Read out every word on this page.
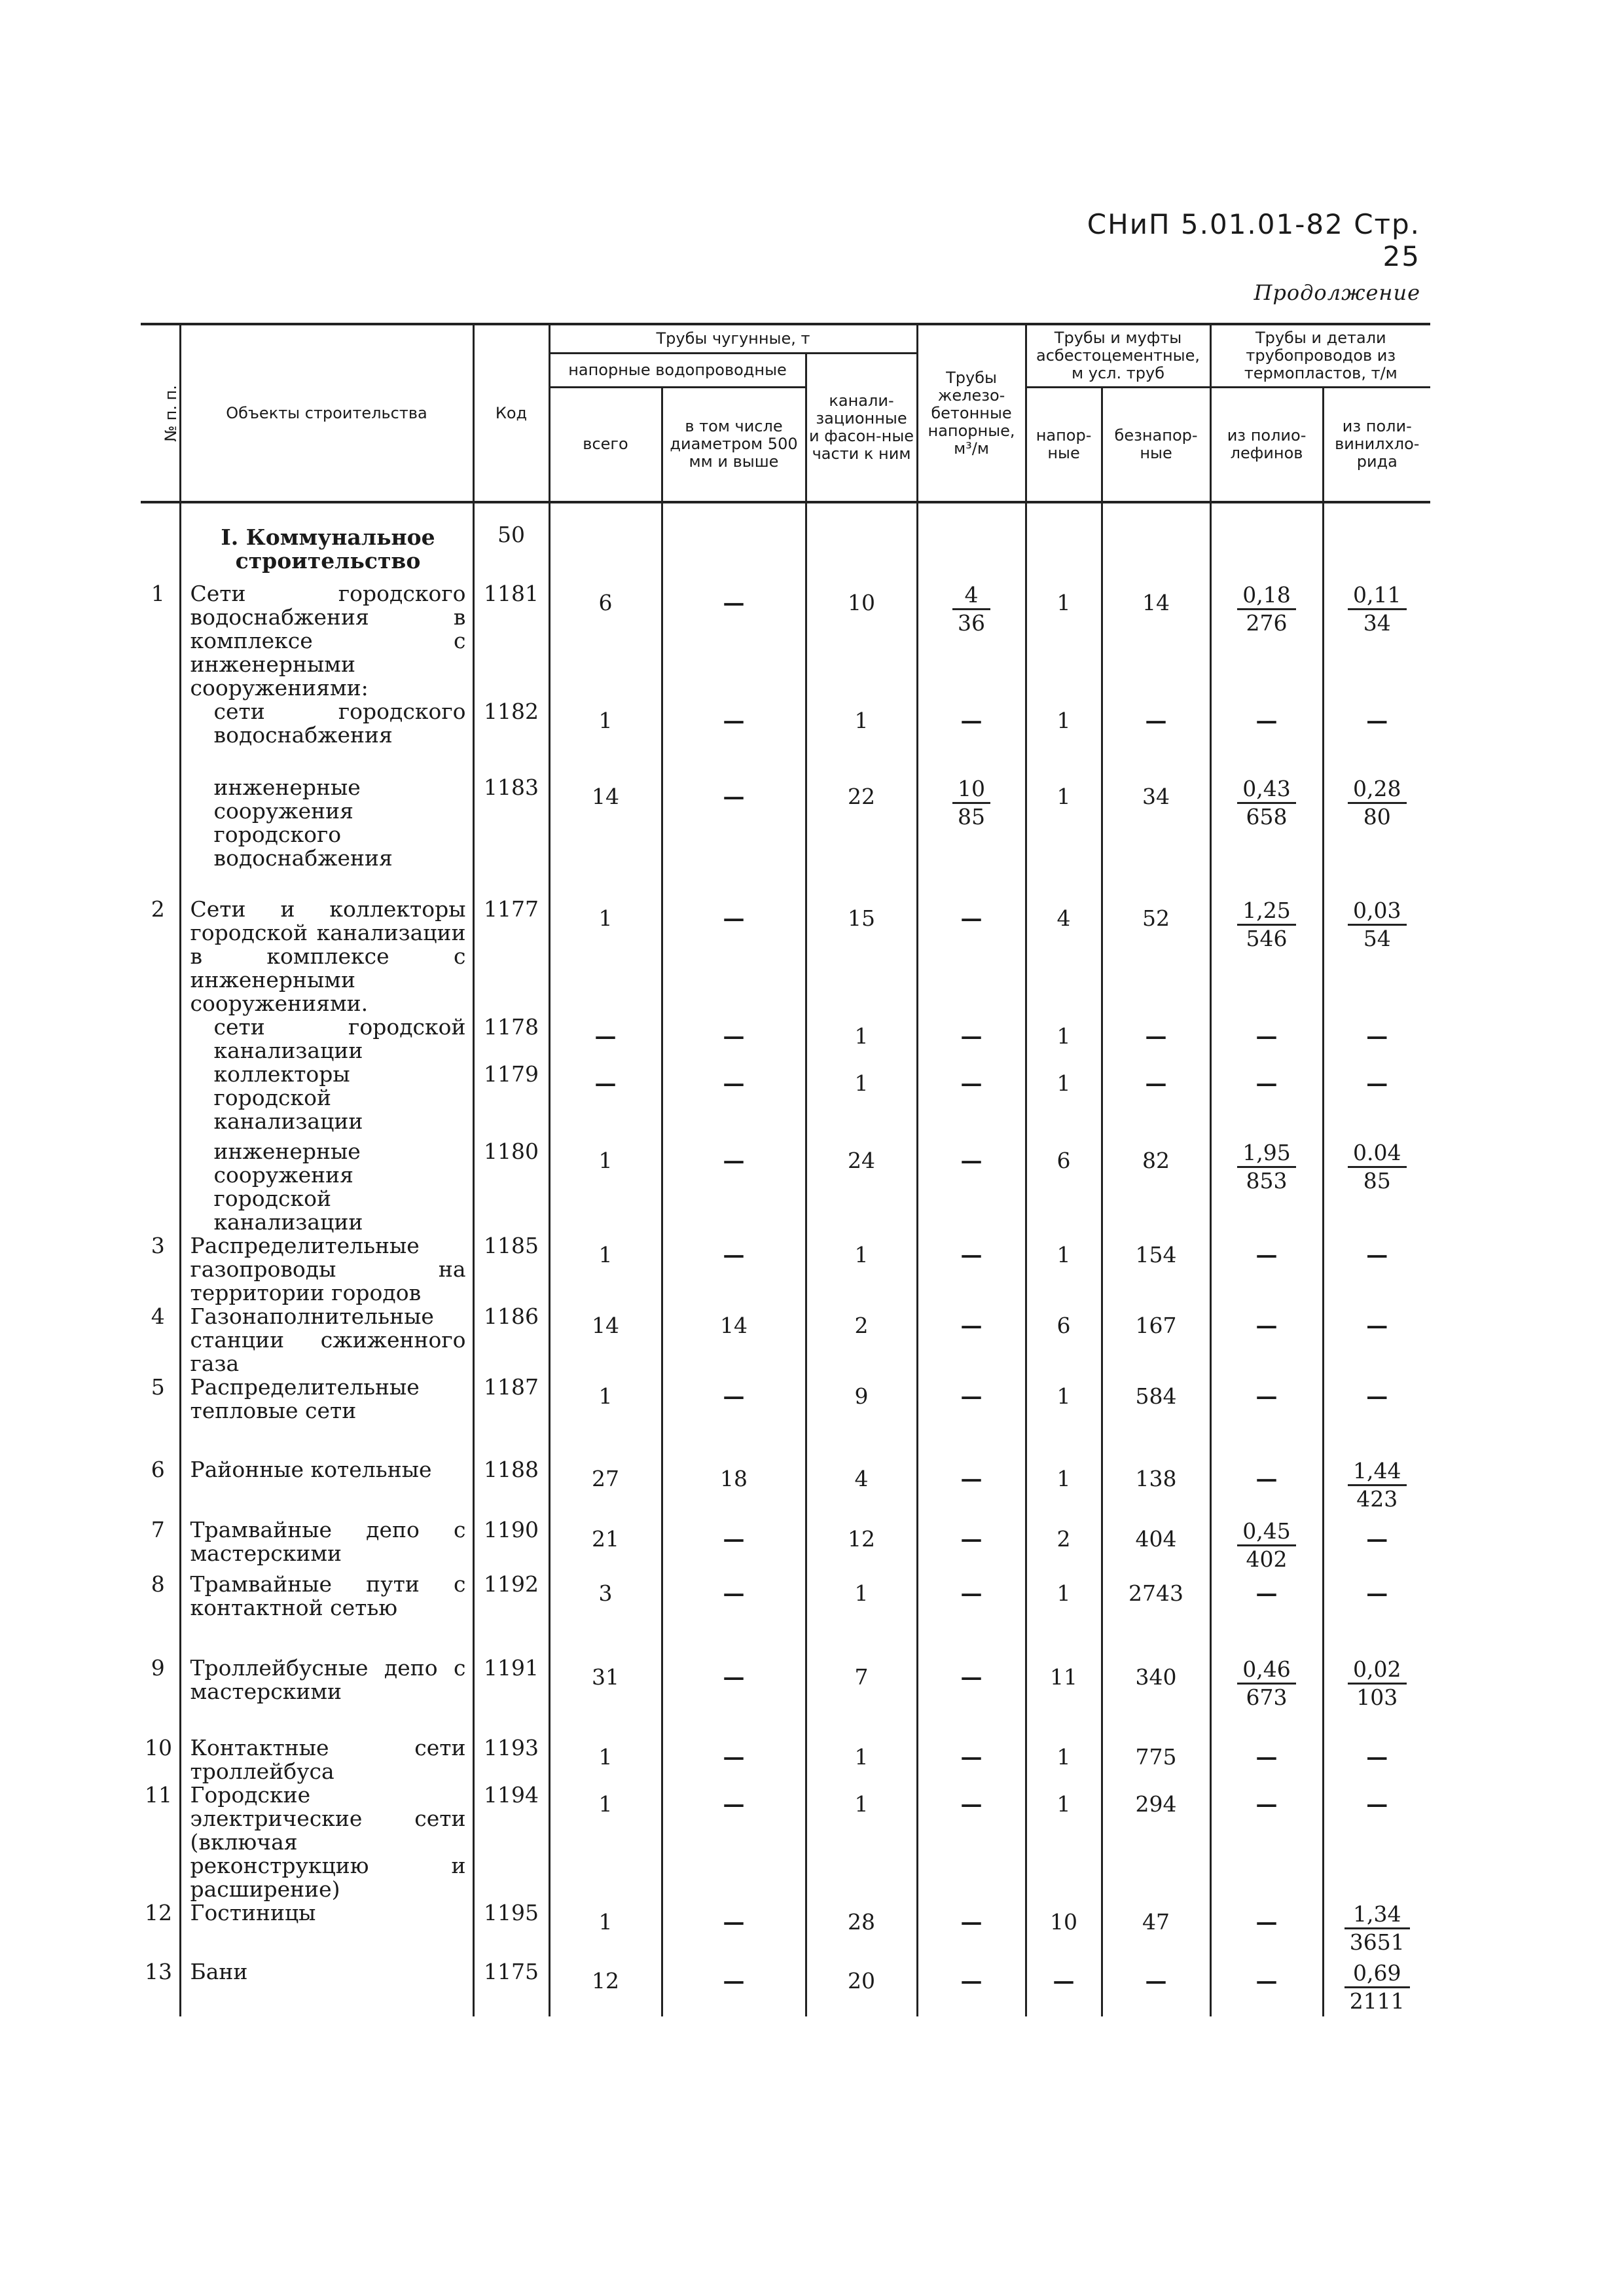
СНиП 5.01.01-82 Стр. 25
Продолжение
№ п. п.	Объекты строительства	Код	Трубы чугунные, т			Трубы железо-бетонные напорные, м³/м	Трубы и муфты асбестоцементные, м усл. труб		Трубы и детали трубопроводов из термопластов, т/м	
			напорные водопроводные		канали-зационные и фасон-ные части к ним					
			всего	в том числе диаметром 500 мм и выше			напор-ные	безнапор-ные	из полио-лефинов	из поли-винилхло-рида
	I. Коммунальное строительство	50								
1	Сети городского водоснабжения в комплексе с инженерными сооружениями:	1181	6	—	10	$\frac{4}{36}$	1	14	$\frac{0,18}{276}$	$\frac{0,11}{34}$

	сети городского водоснабжения	1182	1	—	1	—	1	—	—	—
	инженерные сооружения городского водоснабжения	1183	14	—	22	$\frac{10}{85}$	1	34	$\frac{0,43}{658}$	$\frac{0,28}{80}$

2	Сети и коллекторы городской канализации в комплексе с инженерными сооружениями.	1177	1	—	15	—	4	52	$\frac{1,25}{546}$	$\frac{0,03}{54}$

	сети городской канализации	1178	—	—	1	—	1	—	—	—
	коллекторы городской канализации	1179	—	—	1	—	1	—	—	—
	инженерные сооружения городской канализации	1180	1	—	24	—	6	82	$\frac{1,95}{853}$	$\frac{0.04}{85}$

3	Распределительные газопроводы на территории городов	1185	1	—	1	—	1	154	—	—
4	Газонаполнительные станции сжиженного газа	1186	14	14	2	—	6	167	—	—
5	Распределительные тепловые сети	1187	1	—	9	—	1	584	—	—
6	Районные котельные	1188	27	18	4	—	1	138	—	$\frac{1,44}{423}$

7	Трамвайные депо с мастерскими	1190	21	—	12	—	2	404	$\frac{0,45}{402}$	—
8	Трамвайные пути с контактной сетью	1192	3	—	1	—	1	2743	—	—
9	Троллейбусные депо с мастерскими	1191	31	—	7	—	11	340	$\frac{0,46}{673}$	$\frac{0,02}{103}$

10	Контактные сети троллейбуса	1193	1	—	1	—	1	775	—	—
11	Городские электрические сети (включая реконструкцию и расширение)	1194	1	—	1	—	1	294	—	—
12	Гостиницы	1195	1	—	28	—	10	47	—	$\frac{1,34}{3651}$

13	Бани	1175	12	—	20	—	—	—	—	$\frac{0,69}{2111}$
